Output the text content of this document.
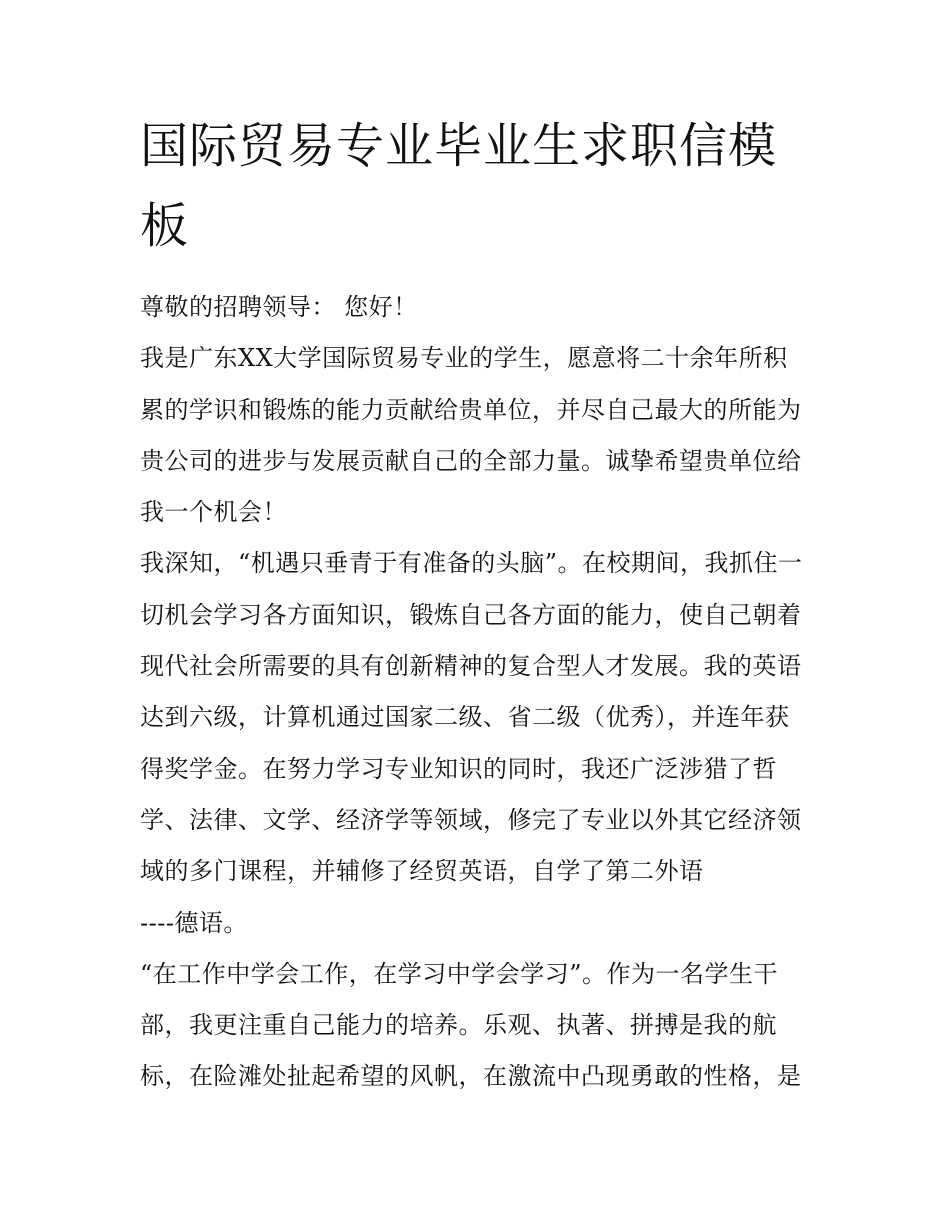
国际贸易专业毕业生求职信模
板
尊敬的招聘领导： 您好！
我是广东XX大学国际贸易专业的学生，愿意将二十余年所积
累的学识和锻炼的能力贡献给贵单位，并尽自己最大的所能为
贵公司的进步与发展贡献自己的全部力量。诚挚希望贵单位给
我一个机会！
我深知，“机遇只垂青于有准备的头脑”。在校期间，我抓住一
切机会学习各方面知识，锻炼自己各方面的能力，使自己朝着
现代社会所需要的具有创新精神的复合型人才发展。我的英语
达到六级，计算机通过国家二级、省二级（优秀），并连年获
得奖学金。在努力学习专业知识的同时，我还广泛涉猎了哲
学、法律、文学、经济学等领域，修完了专业以外其它经济领
域的多门课程，并辅修了经贸英语，自学了第二外语
----德语。
“在工作中学会工作，在学习中学会学习”。作为一名学生干
部，我更注重自己能力的培养。乐观、执著、拼搏是我的航
标，在险滩处扯起希望的风帆，在激流中凸现勇敢的性格，是
